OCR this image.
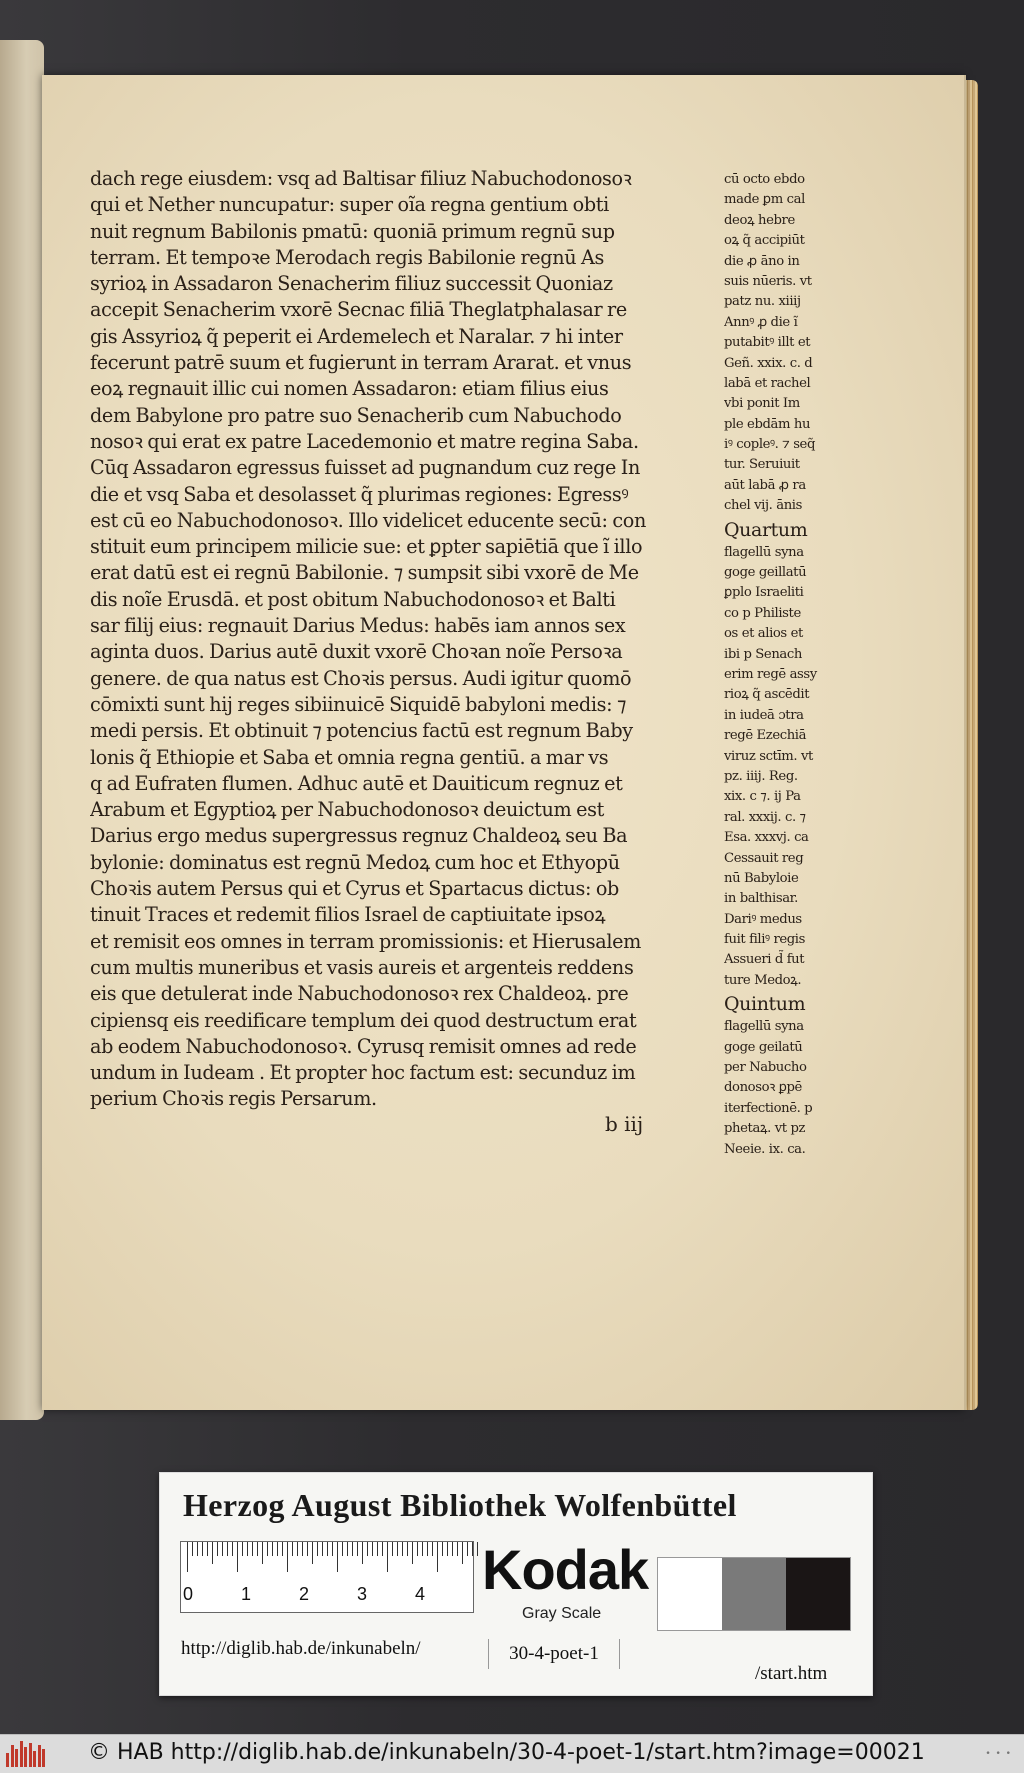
dach rege eiusdem: vsq ad Baltisar filiuz Nabuchodonosoꝛ
qui et Nether nuncupatur: super oĩa regna gentium obti
nuit regnum Babilonis pmatū: quoniā primum regnū sup
terram. Et tempoꝛe Merodach regis Babilonie regnū As
syrioꝝ in Assadaron Senacherim filiuz successit Quoniaz
accepit Senacherim vxorē Secnac filiā Theglatphalasar re
gis Assyrioꝝ q̃ peperit ei Ardemelech et Naralar. ⁊ hi inter
fecerunt patrē suum et fugierunt in terram Ararat. et vnus
eoꝝ regnauit illic cui nomen Assadaron: etiam filius eius
dem Babylone pro patre suo Senacherib cum Nabuchodo
nosoꝛ qui erat ex patre Lacedemonio et matre regina Saba.
Cūq Assadaron egressus fuisset ad pugnandum cuz rege In
die et vsq Saba et desolasset q̃ plurimas regiones: Egressꝰ
est cū eo Nabuchodonosoꝛ. Illo videlicet educente secū: con
stituit eum principem milicie sue: et ꝑpter sapiētiā que ĩ illo
erat datū est ei regnū Babilonie. ⁊ sumpsit sibi vxorē de Me
dis noĩe Erusdā. et post obitum Nabuchodonosoꝛ et Balti
sar filij eius: regnauit Darius Medus: habēs iam annos sex
aginta duos. Darius autē duxit vxorē Choꝛan noĩe Persoꝛa
genere. de qua natus est Choꝛis persus. Audi igitur quomō
cōmixti sunt hij reges sibiinuicē Siquidē babyloni medis: ⁊
medi persis. Et obtinuit ⁊ potencius factū est regnum Baby
lonis q̃ Ethiopie et Saba et omnia regna gentiū. a mar vs
q ad Eufraten flumen. Adhuc autē et Dauiticum regnuz et
Arabum et Egyptioꝝ per Nabuchodonosoꝛ deuictum est
Darius ergo medus supergressus regnuz Chaldeoꝝ seu Ba
bylonie: dominatus est regnū Medoꝝ cum hoc et Ethyopū
Choꝛis autem Persus qui et Cyrus et Spartacus dictus: ob
tinuit Traces et redemit filios Israel de captiuitate ipsoꝝ
et remisit eos omnes in terram promissionis: et Hierusalem
cum multis muneribus et vasis aureis et argenteis reddens
eis que detulerat inde Nabuchodonosoꝛ rex Chaldeoꝝ. pre
cipiensq eis reedificare templum dei quod destructum erat
ab eodem Nabuchodonosoꝛ. Cyrusq remisit omnes ad rede
undum in Iudeam . Et propter hoc factum est: secunduz im
perium Choꝛis regis Persarum.
b iij
cū octo ebdo
made ꝑm cal
deoꝝ hebre
oꝝ q̃ accipiūt
die ꝓ āno in
suis nūeris. vt
patz nu. xiiij
Annꝰ ꝓ die ĩ
putabitꝰ illt et
Geñ. xxix. c. d
labā et rachel
vbi ponit Im
ple ebdām hu
iꝰ copleꝰ. ⁊ seq̃
tur. Seruiuit
aūt labā ꝓ ra
chel vij. ānis
Quartum
flagellū syna
goge geillatū
ꝑplo Israeliti
co p Philiste
os et alios et
ibi p Senach
erim regē assy
rioꝝ q̃ ascēdit
in iudeā ɔtra
regē Ezechiā
viruz sctīm. vt
pz. iiij. Reg.
xix. c ⁊. ij Pa
ral. xxxij. c. ⁊
Esa. xxxvj. ca
Cessauit reg
nū Babyloie
in balthisar.
Dariꝰ medus
fuit filiꝰ regis
Assueri d̃ fut
ture Medoꝝ.
Quintum
flagellū syna
goge geilatū
per Nabucho
donosoꝛ ꝑpē
iterfectionē. p
phetaꝝ. vt pz
Neeie. ix. ca.
Herzog August Bibliothek Wolfenbüttel
0	1	2	3	4 Kodak
Gray Scale
http://diglib.hab.de/inkunabeln/	30-4-poet-1
/start.htm
© HAB http://diglib.hab.de/inkunabeln/30-4-poet-1/start.htm?image=00021	• • •
